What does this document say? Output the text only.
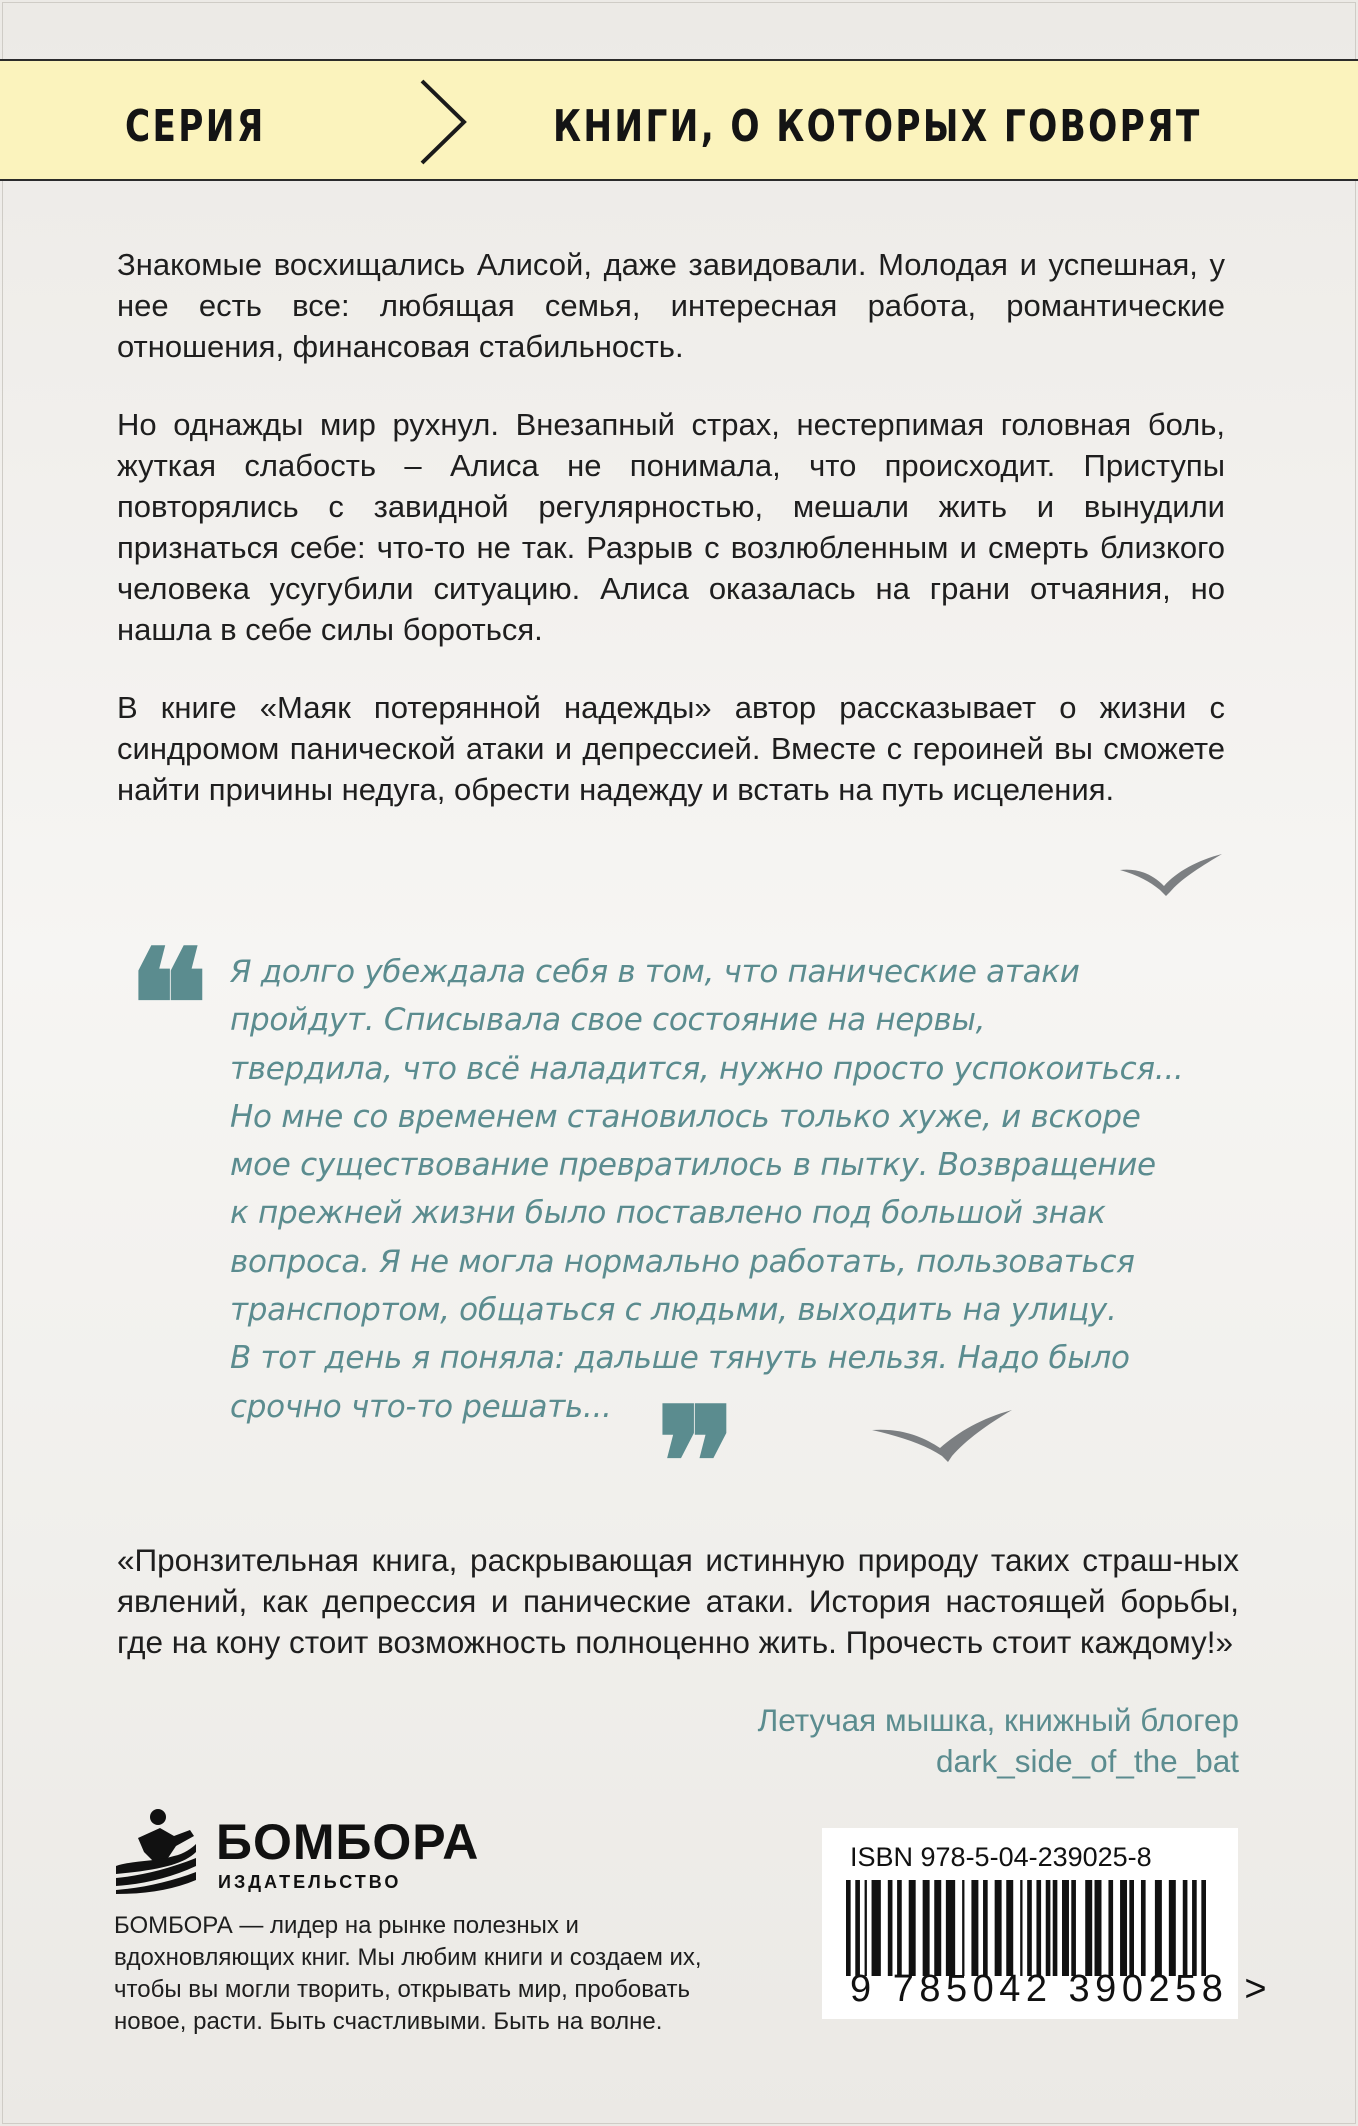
СЕРИЯ	КНИГИ, О КОТОРЫХ ГОВОРЯТ

Знакомые восхищались Алисой, даже завидовали. Молодая и успешная, у нее есть все: любящая семья, интересная работа, романтические отношения, финансовая стабильность.

Но однажды мир рухнул. Внезапный страх, нестерпимая головная боль, жуткая слабость – Алиса не понимала, что происходит. Приступы повторялись с завидной регулярностью, мешали жить и вынудили признаться себе: что-то не так. Разрыв с возлюбленным и смерть близкого человека усугубили ситуацию. Алиса оказалась на грани отчаяния, но нашла в себе силы бороться.

В книге «Маяк потерянной надежды» автор рассказывает о жизни с синдромом панической атаки и депрессией. Вместе с героиней вы сможете найти причины недуга, обрести надежду и встать на путь исцеления.

❝ Я долго убеждала себя в том, что панические атаки
пройдут. Списывала свое состояние на нервы,
твердила, что всё наладится, нужно просто успокоиться...
Но мне со временем становилось только хуже, и вскоре
мое существование превратилось в пытку. Возвращение
к прежней жизни было поставлено под большой знак
вопроса. Я не могла нормально работать, пользоваться
транспортом, общаться с людьми, выходить на улицу.
В тот день я поняла: дальше тянуть нельзя. Надо было
срочно что-то решать... ❞

«Пронзительная книга, раскрывающая истинную природу таких страш-ных явлений, как депрессия и панические атаки. История настоящей борьбы, где на кону стоит возможность полноценно жить. Прочесть стоит каждому!»

Летучая мышка, книжный блогер
dark_side_of_the_bat
БОМБОРА
ИЗДАТЕЛЬСТВО

БОМБОРА — лидер на рынке полезных и вдохновляющих книг. Мы любим книги и создаем их, чтобы вы могли творить, открывать мир, пробовать новое, расти. Быть счастливыми. Быть на волне.

ISBN 978-5-04-239025-8
9 785042 390258 >
